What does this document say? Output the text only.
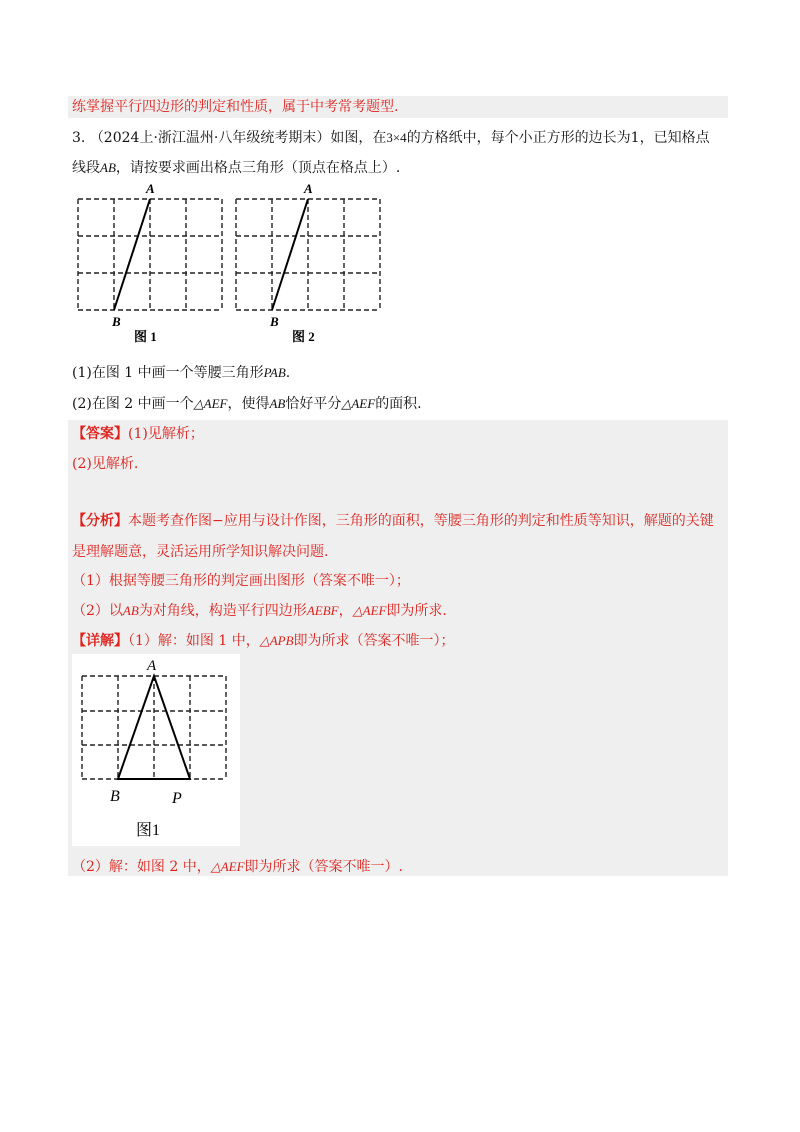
练掌握平行四边形的判定和性质，属于中考常考题型.
3. （2024上·浙江温州·八年级统考期末）如图，在3×4的方格纸中，每个小正方形的边长为1，已知格点
线段AB，请按要求画出格点三角形（顶点在格点上）.
A
B
图 1
A
B
图 2
(1)在图 1 中画一个等腰三角形PAB.
(2)在图 2 中画一个△AEF，使得AB恰好平分△AEF的面积.
【答案】(1)见解析；
(2)见解析.
【分析】本题考查作图−应用与设计作图，三角形的面积，等腰三角形的判定和性质等知识，解题的关键
是理解题意，灵活运用所学知识解决问题.
（1）根据等腰三角形的判定画出图形（答案不唯一）；
（2）以AB为对角线，构造平行四边形AEBF，△AEF即为所求.
【详解】（1）解：如图 1 中，△APB即为所求（答案不唯一）；
A
B	P
图1
（2）解：如图 2 中，△AEF即为所求（答案不唯一）.
